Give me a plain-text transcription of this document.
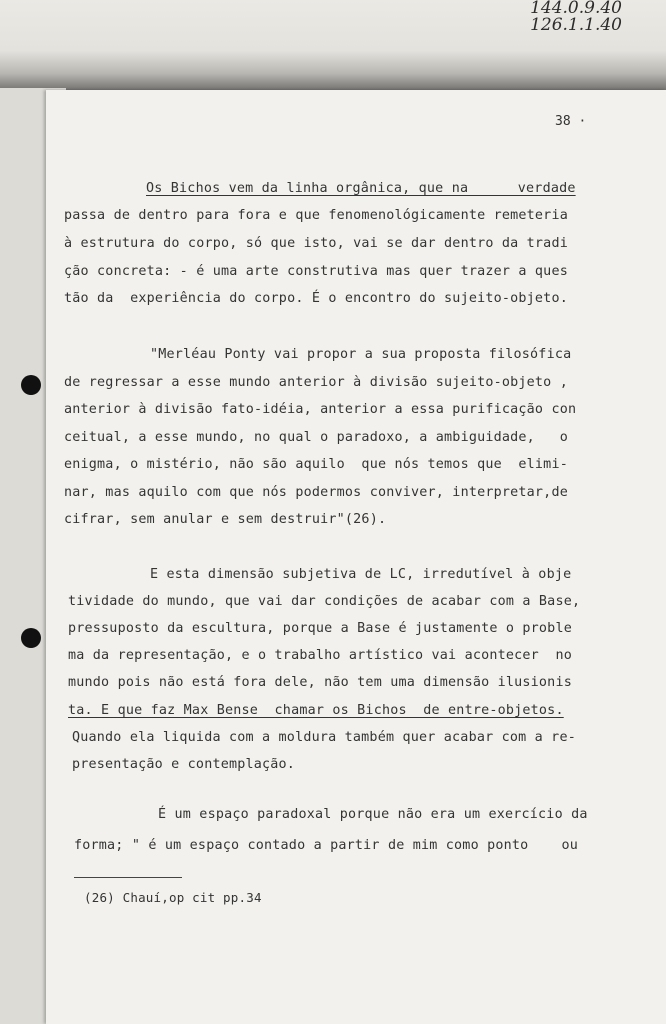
144.0.9.40
126.1.1.40
38 ·
Os Bichos vem da linha orgânica, que na      verdade
passa de dentro para fora e que fenomenológicamente remeteria
à estrutura do corpo, só que isto, vai se dar dentro da tradi
ção concreta: - é uma arte construtiva mas quer trazer a ques
tão da  experiência do corpo. É o encontro do sujeito-objeto.
"Merléau Ponty vai propor a sua proposta filosófica
de regressar a esse mundo anterior à divisão sujeito-objeto ,
anterior à divisão fato-idéia, anterior a essa purificação con
ceitual, a esse mundo, no qual o paradoxo, a ambiguidade,   o
enigma, o mistério, não são aquilo  que nós temos que  elimi-
nar, mas aquilo com que nós podermos conviver, interpretar,de
cifrar, sem anular e sem destruir"(26).
E esta dimensão subjetiva de LC, irredutível à obje
tividade do mundo, que vai dar condições de acabar com a Base,
pressuposto da escultura, porque a Base é justamente o proble
ma da representação, e o trabalho artístico vai acontecer  no
mundo pois não está fora dele, não tem uma dimensão ilusionis
ta. E que faz Max Bense  chamar os Bichos  de entre-objetos.
Quando ela liquida com a moldura também quer acabar com a re-
presentação e contemplação.
É um espaço paradoxal porque não era um exercício da
forma; " é um espaço contado a partir de mim como ponto    ou
(26) Chauí,op cit pp.34
